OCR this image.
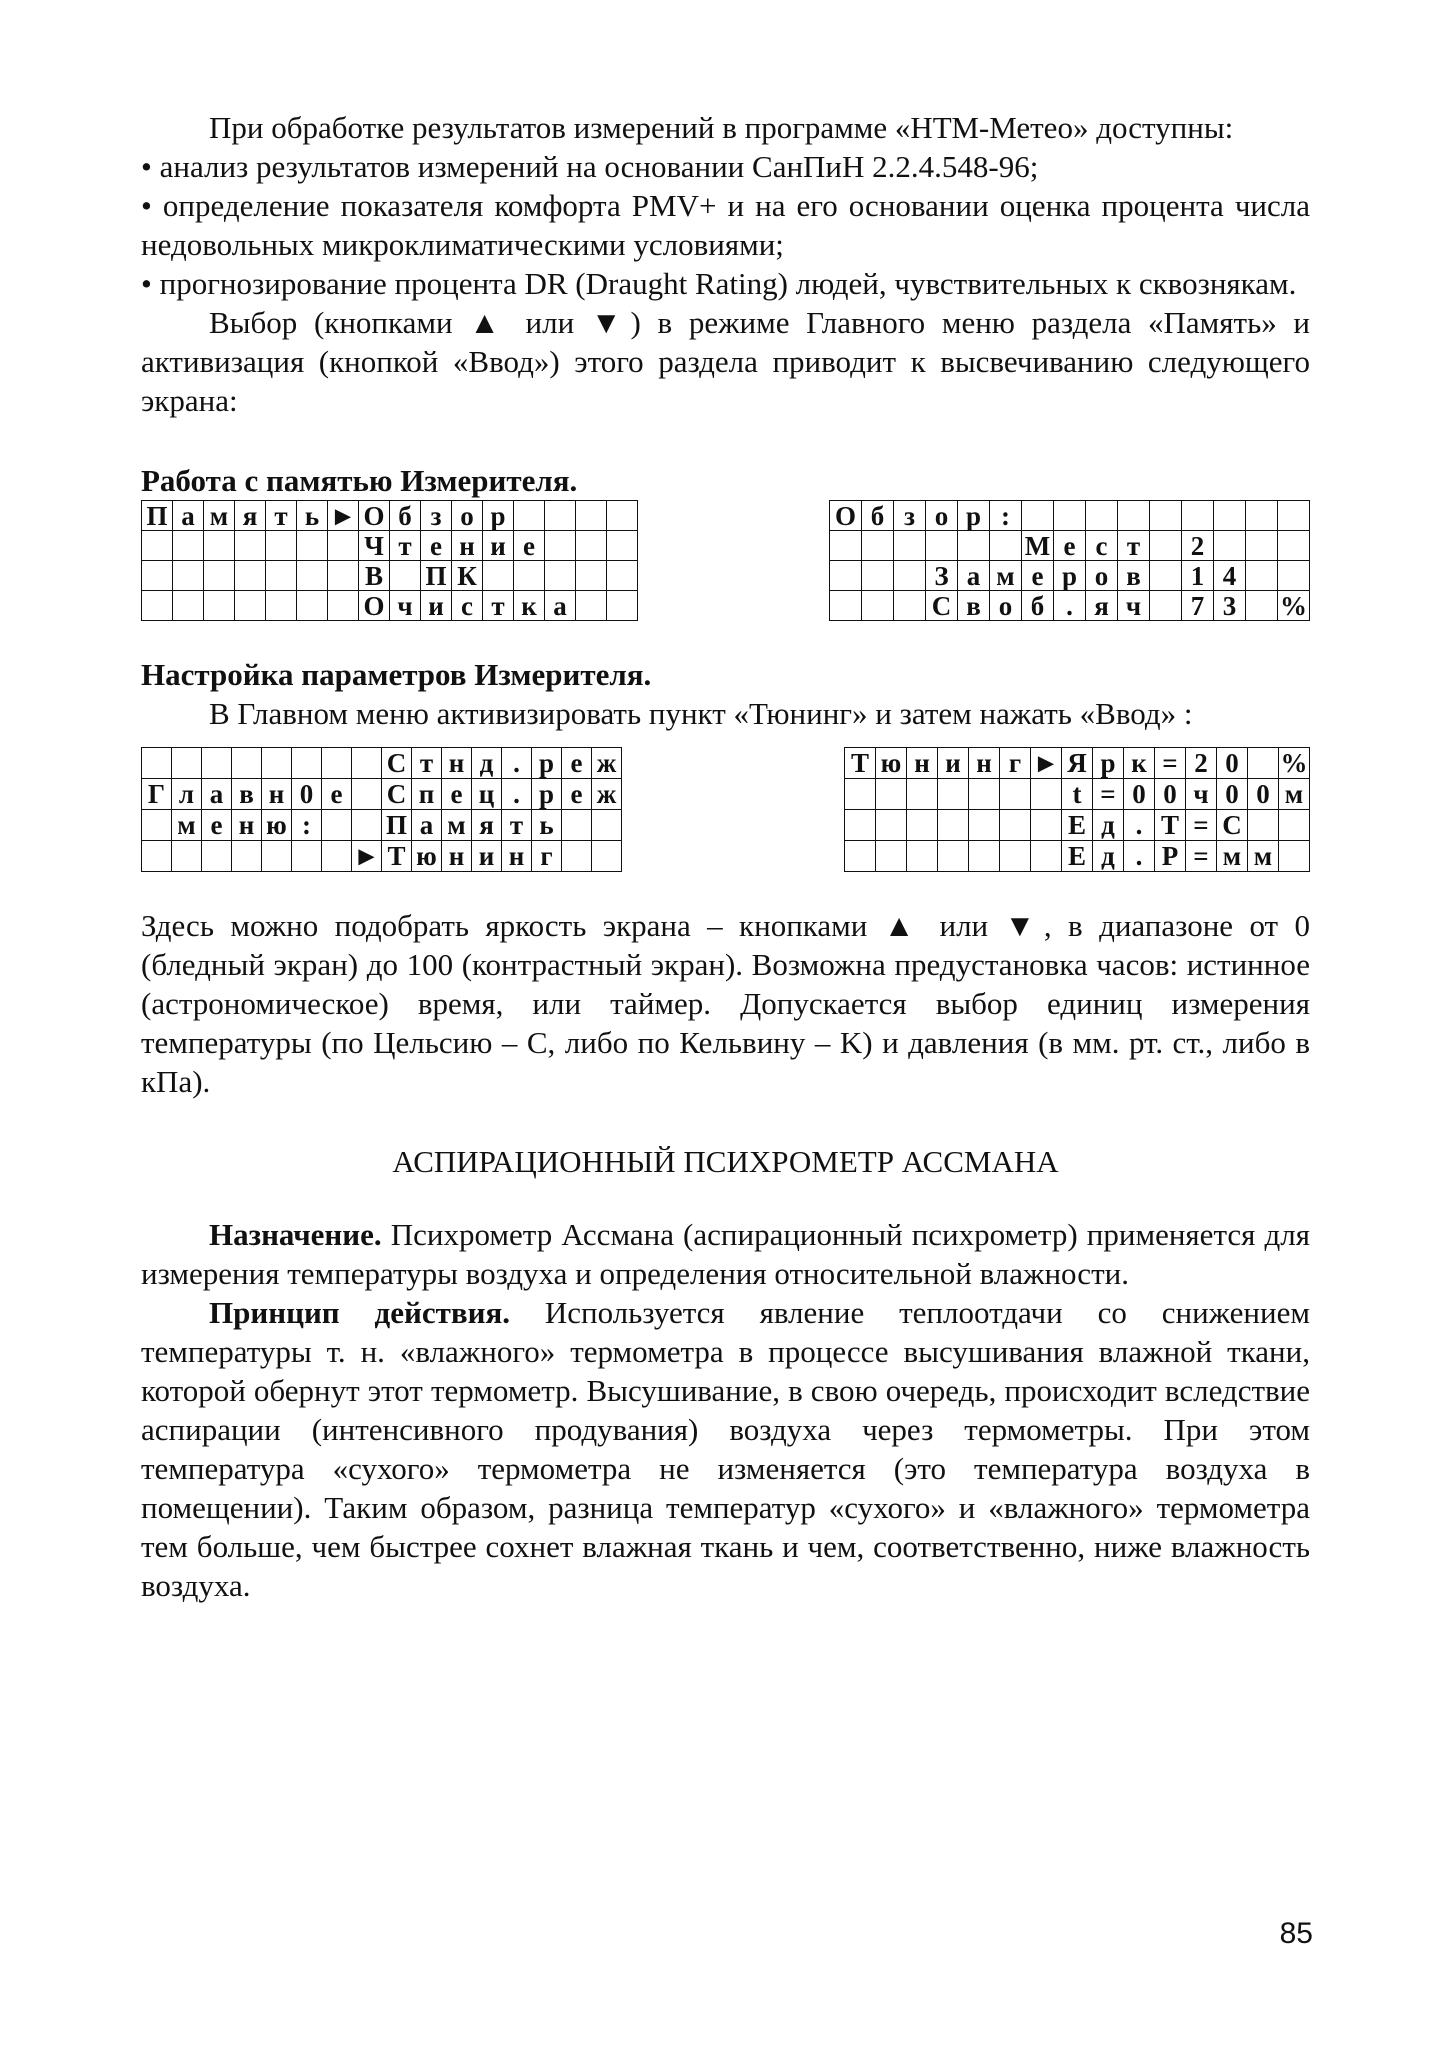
При обработке результатов измерений в программе «НТМ-Метео» доступны:

• анализ результатов измерений на основании СанПиН 2.2.4.548-96;

• определение показателя комфорта PMV+ и на его основании оценка процента числа недовольных микроклиматическими условиями;

• прогнозирование процента DR (Draught Rating) людей, чувствительных к сквознякам.

Выбор (кнопками ▲ или ▼) в режиме Главного меню раздела «Память» и активизация (кнопкой «Ввод») этого раздела приводит к высвечиванию следующего экрана:

Работа с памятью Измерителя.

П	а	м	я	т	ь	►	О	б	з	о	р				
							Ч	т	е	н	и	е			
							В		П	К					
							О	ч	и	с	т	к	а		
О	б	з	о	р	:									
						М	е	с	т		2			
			З	а	м	е	р	о	в		1	4		
			С	в	о	б	.	я	ч		7	3		%

Настройка параметров Измерителя.

В Главном меню активизировать пункт «Тюнинг» и затем нажать «Ввод» :

								С	т	н	д	.	р	е	ж
Г	л	а	в	н	0	е		С	п	е	ц	.	р	е	ж
	м	е	н	ю	:			П	а	м	я	т	ь		
							►	Т	ю	н	и	н	г		
Т	ю	н	и	н	г	►	Я	р	к	=	2	0		%
							t	=	0	0	ч	0	0	м
							Е	д	.	Т	=	С		
							Е	д	.	Р	=	м	м	

Здесь можно подобрать яркость экрана – кнопками ▲ или ▼, в диапазоне от 0 (бледный экран) до 100 (контрастный экран). Возможна предустановка часов: истинное (астрономическое) время, или таймер. Допускается выбор единиц измерения температуры (по Цельсию – С, либо по Кельвину – K) и давления (в мм. рт. ст., либо в кПа).

АСПИРАЦИОННЫЙ ПСИХРОМЕТР АССМАНА

Назначение. Психрометр Ассмана (аспирационный психрометр) применяется для измерения температуры воздуха и определения относительной влажности.

Принцип действия. Используется явление теплоотдачи со снижением температуры т. н. «влажного» термометра в процессе высушивания влажной ткани, которой обернут этот термометр. Высушивание, в свою очередь, происходит вследствие аспирации (интенсивного продувания) воздуха через термометры. При этом температура «сухого» термометра не изменяется (это температура воздуха в помещении). Таким образом, разница температур «сухого» и «влажного» термометра тем больше, чем быстрее сохнет влажная ткань и чем, соответственно, ниже влажность воздуха.

85
